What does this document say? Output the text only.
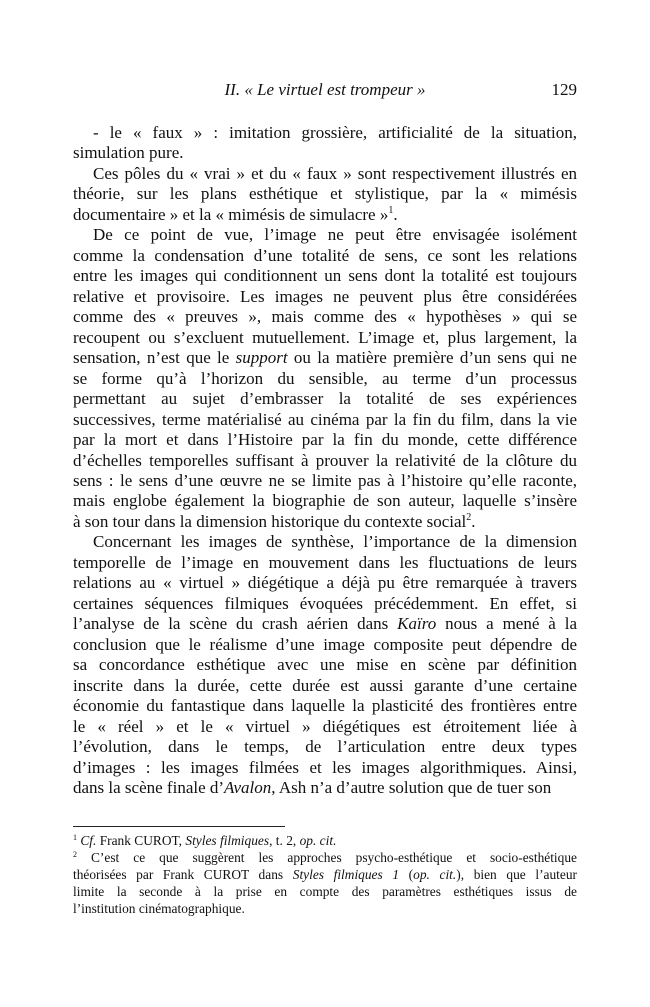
II. « Le virtuel est trompeur »	129
- le « faux » : imitation grossière, artificialité de la situation,
simulation pure.
Ces pôles du « vrai » et du « faux » sont respectivement illustrés en
théorie, sur les plans esthétique et stylistique, par la « mimésis
documentaire » et la « mimésis de simulacre »$^1$.
De ce point de vue, l’image ne peut être envisagée isolément
comme la condensation d’une totalité de sens, ce sont les relations
entre les images qui conditionnent un sens dont la totalité est toujours
relative et provisoire. Les images ne peuvent plus être considérées
comme des « preuves », mais comme des « hypothèses » qui se
recoupent ou s’excluent mutuellement. L’image et, plus largement, la
sensation, n’est que le support ou la matière première d’un sens qui ne
se forme qu’à l’horizon du sensible, au terme d’un processus
permettant au sujet d’embrasser la totalité de ses expériences
successives, terme matérialisé au cinéma par la fin du film, dans la vie
par la mort et dans l’Histoire par la fin du monde, cette différence
d’échelles temporelles suffisant à prouver la relativité de la clôture du
sens : le sens d’une œuvre ne se limite pas à l’histoire qu’elle raconte,
mais englobe également la biographie de son auteur, laquelle s’insère
à son tour dans la dimension historique du contexte social$^2$.
Concernant les images de synthèse, l’importance de la dimension
temporelle de l’image en mouvement dans les fluctuations de leurs
relations au « virtuel » diégétique a déjà pu être remarquée à travers
certaines séquences filmiques évoquées précédemment. En effet, si
l’analyse de la scène du crash aérien dans Kaïro nous a mené à la
conclusion que le réalisme d’une image composite peut dépendre de
sa concordance esthétique avec une mise en scène par définition
inscrite dans la durée, cette durée est aussi garante d’une certaine
économie du fantastique dans laquelle la plasticité des frontières entre
le « réel » et le « virtuel » diégétiques est étroitement liée à
l’évolution, dans le temps, de l’articulation entre deux types
d’images : les images filmées et les images algorithmiques. Ainsi,
dans la scène finale d’Avalon, Ash n’a d’autre solution que de tuer son
$^1$ Cf. Frank CUROT, Styles filmiques, t. 2, op. cit.
$^2$ C’est ce que suggèrent les approches psycho-esthétique et socio-esthétique
théorisées par Frank CUROT dans Styles filmiques 1 (op. cit.), bien que l’auteur
limite la seconde à la prise en compte des paramètres esthétiques issus de
l’institution cinématographique.
